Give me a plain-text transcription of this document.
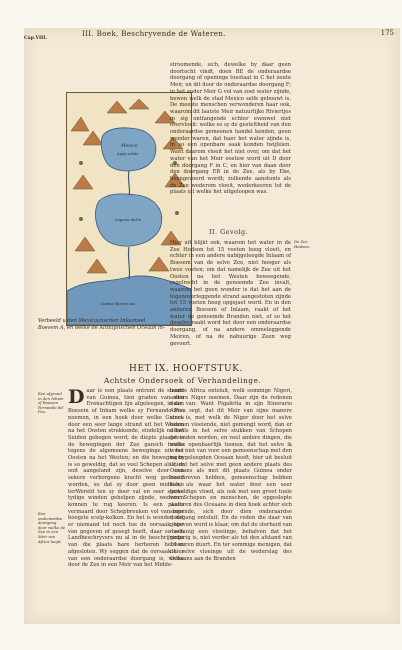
III. Boek, Beschryvende de Wateren.	175
Cap.VIII.
Mexico
Agua salata
Laguna dulce
Sonnia Mostra cau
Verbeeld u den Mexicaanschen Inlaamsel Boesem A, en welke de Althuysischen Oceaan in-
stroomende, sich, dewelke by daar geen doortocht vindt, doen BE de onderaardse doorgang of openinge toestaat in C het zoute Meir, en dit door de onderaardse doorgang F; in het ander Meir G vol van zoet water zijnde, bewen welk de stad Mexico selfe gebouwt is. De meeste menschen verwonderen haar ook, waarom dit laatste Meir natuurlijke Riviertjes in sig ontfangende echter evenwel niet overvloeit: welke so sy de gesteltheid van den onderaardse gemeenen handel kenden, geen wonder waren, dat haer het water zijnde is, in so een openbare saak konden twijfelen. Want daarom vloeit het niet over, om dat het water van het Meir oostuw word uit D door den doorgang F in C, en hier van daan door den doorgang EB in de Zee, als by Eke, heengevoerd wordt; zulkende aanstonts als de Zee wederom vloeit, wederkeeren tot de plaats uit welke het uitgeloopen was.
II. Gevolg.
Hier uit blijkt ook, waarom het water in de Zee Hudson tot 15 voeten hoog vloeit, en echter in een andere nabijgeleegde Inlaam of Boesem van de selve Zee, niet hooger als twee voeten; om dat namelijk de Zee uit het Oosten na het Westen beweegende, regelrecht in de genoemde Zee invalt, waarom het geen wonder is dat het aan de tegenoverleggende strand aangestoten zijnde tot 15 voeten hoog opgejaet word. En in den anderen Boesem of Inlaam, raakt of het water de genoemde Branden niet, of so het deselve raakt word het door een onderaardse doorgang, of na andere ommeleggende Meiren, of na de nabuurige Zeen weg gevoert.
De Zee Hudson.
HET IX. HOOFTSTUK.
Achtste Ondersoek of Verhandelinge.
Een afgrond in den Inham of Boesem Fernando del Poo.
Een onderaardse doorgang door welke de Zee in een Meir van Africa loopt.
Daar is een plaats ontrent de strand van Guinea, tien graden van den Evenachtigen lijn afgeleegen, in den Boesem of Inham welke sy Fernando Poo noemen, in een hoek door welke Guinea door een seer lange strand uit het Westen na het Oosten strekkende, eindelijk na het Suiden gebogen word; de diepte plaatst is de bewegingen der Zee gansch bruiss tegens de algemeene beweginge uit het Oosten na het Westen; en die bewegingen is so geweldig, dat so veel Schepen als hier ooit aangeland zijn, deselve door een sekere verborgene kracht weg gedraaid worden, so dat sy door geen middelen terWereld ten sy door val en seer sterke tydige winden geholpen zijnde, wederom konnen te rug keeren. Is een plaats vermaard door Schepbreuken vol van zeer hoogste scelp-kolken. En het is wonder, dat er niemand tot noch toe de oorsaak hier van gegeven of gesegt heeft, daar so vele Landbeschryvers nu al in de beschrijvinge van die plaats hare herhoren hebben afgesloten. Wy seggen dat de oorsaak hier van een onderaardse doorgang is, welke door de Zee in een Meir van het Midde-
landse Africa ontsluit, welk sommige Nigeri, andere Niger noemen. Daar zijn de redenen daar van: Want Pigafetta in sijn Itinerario Africa segt, dat dit Meir van sijne manere sinct is, met welk de Niger door het selve heenen vloeiende, niet gemengt word, dan er dikwils in het selve stukken van Schepen gevonden worden, en veel andere dingen, die welke openbaerlijk toonen, dat het selve ik wees niet van voor een gemeenschap met den na bygeleegden Oceaan heeft, hier uit besluit ik, dat het selve met geen andere plaats des Oceaans als met dit plaats Guinea onder beschreven hebben, gemeenschap hebben kan; als waar het water door een seer geweldige vloed, als ook met een groot tuele van Schepen en menschen, de opgeslopte wateren des Oceaans in dien hoek achter sich stopende, sich door dien onderaardse doorgang ontsluit. En de reden die daar van gegeven word is klaar, om dat de sterheid van dusdanig een vloeiinge, behalven dat het gedurig is, niet verder als tot den afstand van 14 uuren duurt. En ter sommige menigen, dat de selve vloeinge uit de wederslag des Oceaans aan de Branden
